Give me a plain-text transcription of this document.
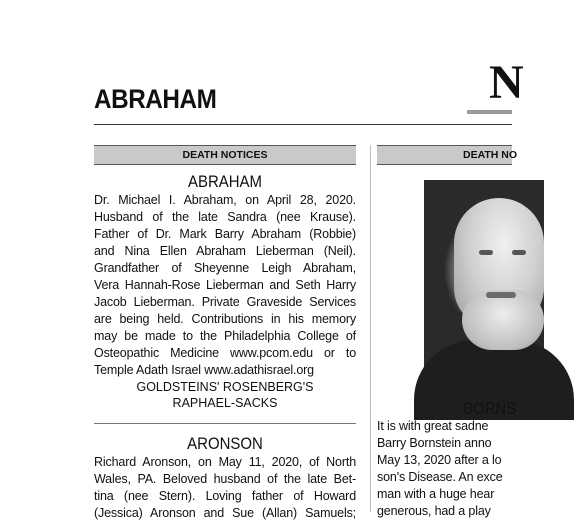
ABRAHAM	N
DEATH NOTICES
ABRAHAM
Dr. Michael I. Abraham, on April 28, 2020.
Husband of the late Sandra (nee Krause).
Father of Dr. Mark Barry Abraham (Robbie)
and Nina Ellen Abraham Lieberman (Neil).
Grandfather of Sheyenne Leigh Abraham,
Vera Hannah-Rose Lieberman and Seth Harry
Jacob Lieberman. Private Graveside Services
are being held. Contributions in his memory
may be made to the Philadelphia College of
Osteopathic Medicine www.pcom.edu or to
Temple Adath Israel www.adathisrael.org
GOLDSTEINS' ROSENBERG'S
RAPHAEL-SACKS
ARONSON
Richard Aronson, on May 11, 2020, of North
Wales, PA. Beloved husband of the late Bet-
tina (nee Stern). Loving father of Howard
(Jessica) Aronson and Sue (Allan) Samuels;
DEATH NO
BORNS
It is with great sadne
Barry Bornstein anno
May 13, 2020 after a lo
son's Disease. An exce
man with a huge hear
generous, had a play
